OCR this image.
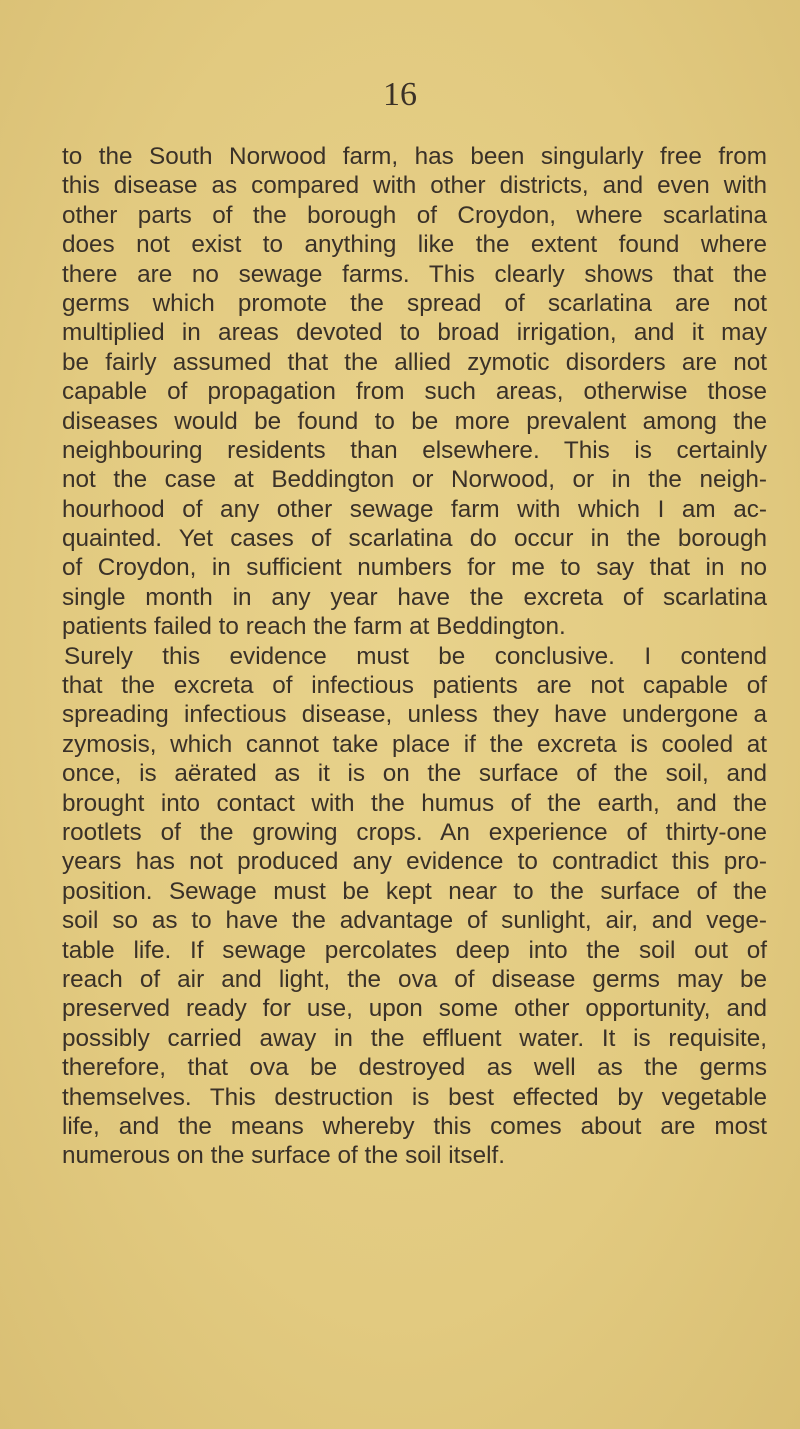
16
to the South Norwood farm, has been singularly free from
this disease as compared with other districts, and even with
other parts of the borough of Croydon, where scarlatina
does not exist to anything like the extent found where
there are no sewage farms. This clearly shows that the
germs which promote the spread of scarlatina are not
multiplied in areas devoted to broad irrigation, and it may
be fairly assumed that the allied zymotic disorders are not
capable of propagation from such areas, otherwise those
diseases would be found to be more prevalent among the
neighbouring residents than elsewhere. This is certainly
not the case at Beddington or Norwood, or in the neigh-
hourhood of any other sewage farm with which I am ac-
quainted. Yet cases of scarlatina do occur in the borough
of Croydon, in sufficient numbers for me to say that in no
single month in any year have the excreta of scarlatina
patients failed to reach the farm at Beddington.
Surely this evidence must be conclusive. I contend
that the excreta of infectious patients are not capable of
spreading infectious disease, unless they have undergone a
zymosis, which cannot take place if the excreta is cooled at
once, is aërated as it is on the surface of the soil, and
brought into contact with the humus of the earth, and the
rootlets of the growing crops. An experience of thirty-one
years has not produced any evidence to contradict this pro-
position. Sewage must be kept near to the surface of the
soil so as to have the advantage of sunlight, air, and vege-
table life. If sewage percolates deep into the soil out of
reach of air and light, the ova of disease germs may be
preserved ready for use, upon some other opportunity, and
possibly carried away in the effluent water. It is requisite,
therefore, that ova be destroyed as well as the germs
themselves. This destruction is best effected by vegetable
life, and the means whereby this comes about are most
numerous on the surface of the soil itself.
